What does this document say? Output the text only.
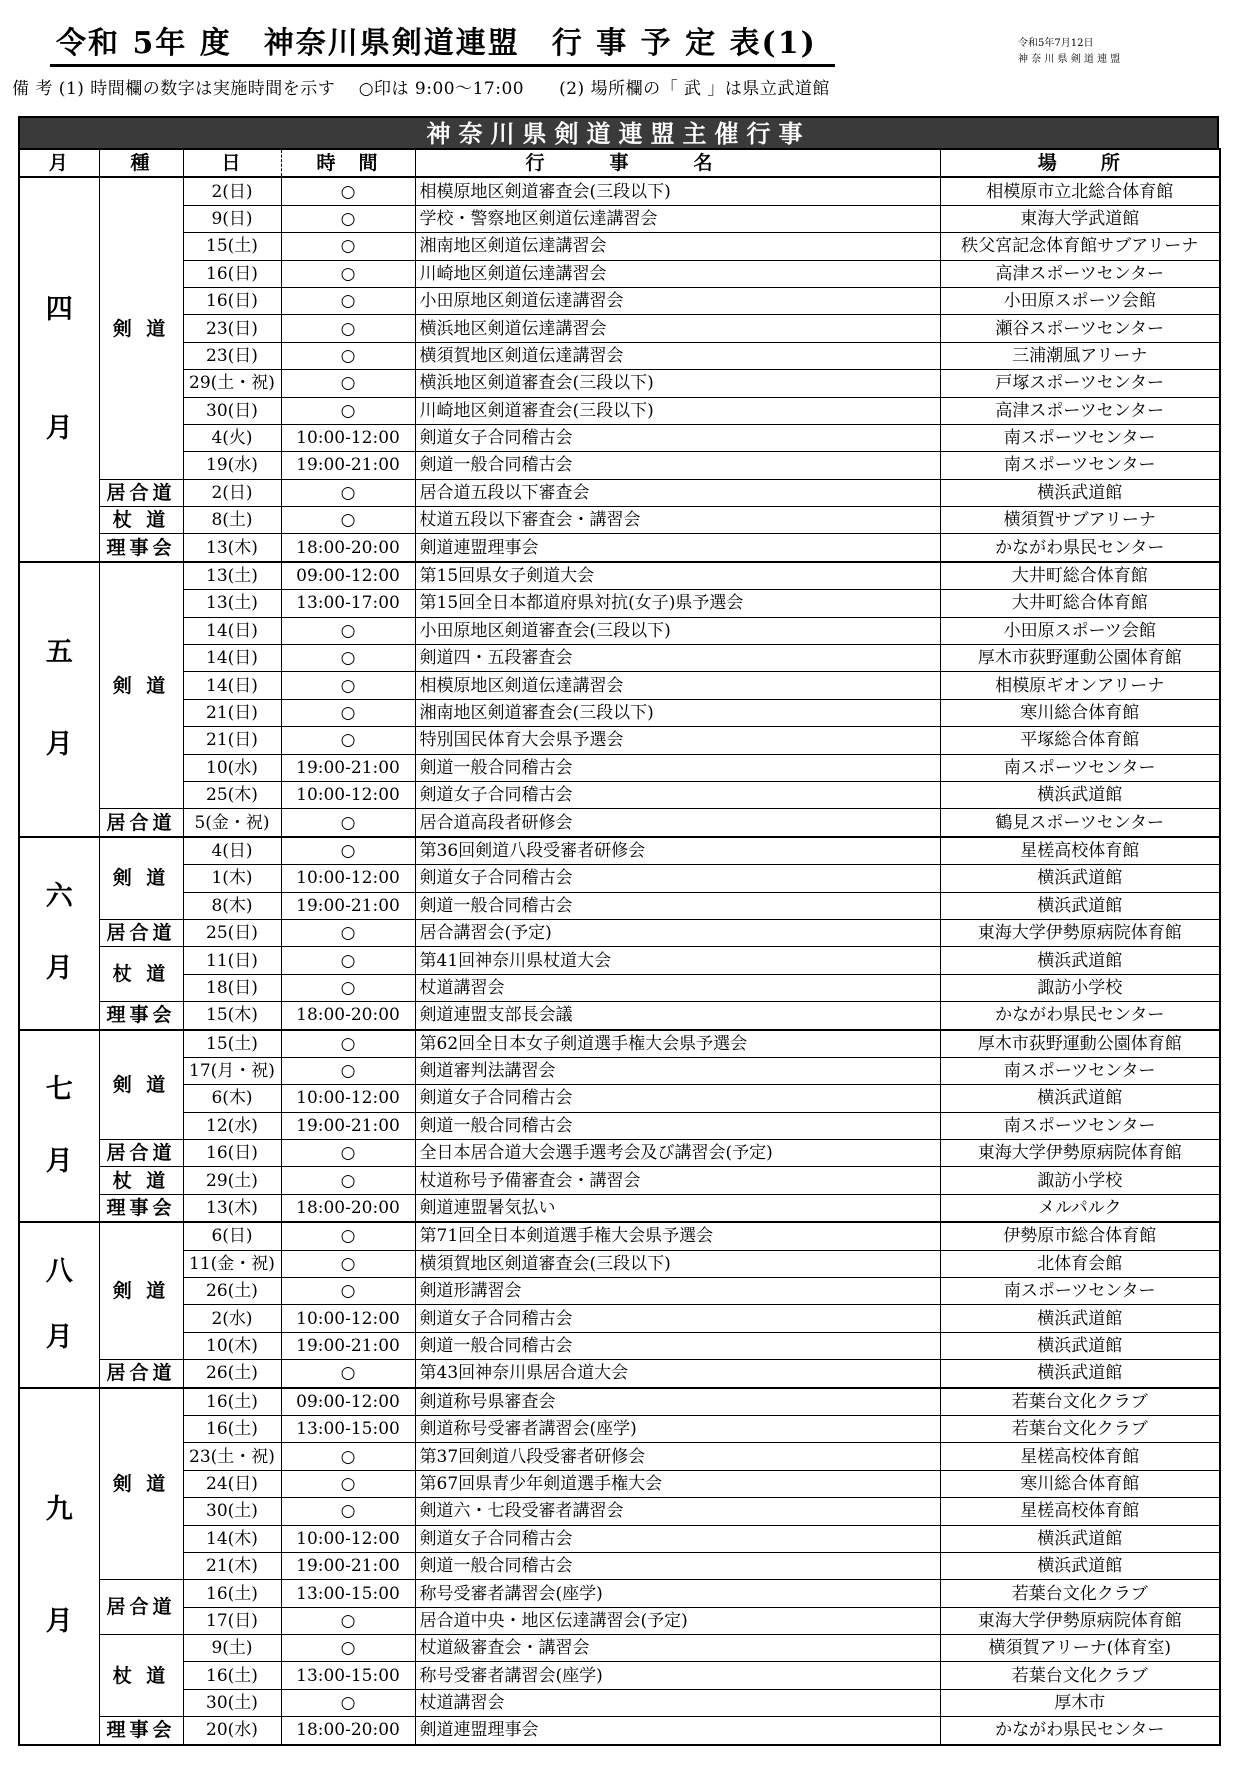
令和 5年 度　神奈川県剣道連盟　行 事 予 定 表(1)	令和5年7月12日
神 奈 川 県 剣 道 連 盟
備 考 (1) 時間欄の数字は実施時間を示す　 ○印は 9:00～17:00　　(2) 場所欄の「 武 」は県立武道館
神奈川県剣道連盟主催行事
月	種	日	時　間	行　　　事　　　名	場　　所

四
月	剣 道	2(日)	○	相模原地区剣道審査会(三段以下)	相模原市立北総合体育館
		9(日)	○	学校・警察地区剣道伝達講習会	東海大学武道館
		15(土)	○	湘南地区剣道伝達講習会	秩父宮記念体育館サブアリーナ
		16(日)	○	川崎地区剣道伝達講習会	高津スポーツセンター
		16(日)	○	小田原地区剣道伝達講習会	小田原スポーツ会館
		23(日)	○	横浜地区剣道伝達講習会	瀬谷スポーツセンター
		23(日)	○	横須賀地区剣道伝達講習会	三浦潮風アリーナ
		29(土・祝)	○	横浜地区剣道審査会(三段以下)	戸塚スポーツセンター
		30(日)	○	川崎地区剣道審査会(三段以下)	高津スポーツセンター
		4(火)	10:00-12:00	剣道女子合同稽古会	南スポーツセンター
		19(水)	19:00-21:00	剣道一般合同稽古会	南スポーツセンター
	居合道	2(日)	○	居合道五段以下審査会	横浜武道館
	杖 道	8(土)	○	杖道五段以下審査会・講習会	横須賀サブアリーナ
	理事会	13(木)	18:00-20:00	剣道連盟理事会	かながわ県民センター

五
月	剣 道	13(土)	09:00-12:00	第15回県女子剣道大会	大井町総合体育館
		13(土)	13:00-17:00	第15回全日本都道府県対抗(女子)県予選会	大井町総合体育館
		14(日)	○	小田原地区剣道審査会(三段以下)	小田原スポーツ会館
		14(日)	○	剣道四・五段審査会	厚木市荻野運動公園体育館
		14(日)	○	相模原地区剣道伝達講習会	相模原ギオンアリーナ
		21(日)	○	湘南地区剣道審査会(三段以下)	寒川総合体育館
		21(日)	○	特別国民体育大会県予選会	平塚総合体育館
		10(水)	19:00-21:00	剣道一般合同稽古会	南スポーツセンター
		25(木)	10:00-12:00	剣道女子合同稽古会	横浜武道館
	居合道	5(金・祝)	○	居合道高段者研修会	鶴見スポーツセンター

六
月	剣 道	4(日)	○	第36回剣道八段受審者研修会	星槎高校体育館
		1(木)	10:00-12:00	剣道女子合同稽古会	横浜武道館
		8(木)	19:00-21:00	剣道一般合同稽古会	横浜武道館
	居合道	25(日)	○	居合講習会(予定)	東海大学伊勢原病院体育館
	杖 道	11(日)	○	第41回神奈川県杖道大会	横浜武道館
		18(日)	○	杖道講習会	諏訪小学校
	理事会	15(木)	18:00-20:00	剣道連盟支部長会議	かながわ県民センター

七
月	剣 道	15(土)	○	第62回全日本女子剣道選手権大会県予選会	厚木市荻野運動公園体育館
		17(月・祝)	○	剣道審判法講習会	南スポーツセンター
		6(木)	10:00-12:00	剣道女子合同稽古会	横浜武道館
		12(水)	19:00-21:00	剣道一般合同稽古会	南スポーツセンター
	居合道	16(日)	○	全日本居合道大会選手選考会及び講習会(予定)	東海大学伊勢原病院体育館
	杖 道	29(土)	○	杖道称号予備審査会・講習会	諏訪小学校
	理事会	13(木)	18:00-20:00	剣道連盟暑気払い	メルパルク

八
月	剣 道	6(日)	○	第71回全日本剣道選手権大会県予選会	伊勢原市総合体育館
		11(金・祝)	○	横須賀地区剣道審査会(三段以下)	北体育会館
		26(土)	○	剣道形講習会	南スポーツセンター
		2(水)	10:00-12:00	剣道女子合同稽古会	横浜武道館
		10(木)	19:00-21:00	剣道一般合同稽古会	横浜武道館
	居合道	26(土)	○	第43回神奈川県居合道大会	横浜武道館

九
月	剣 道	16(土)	09:00-12:00	剣道称号県審査会	若葉台文化クラブ
		16(土)	13:00-15:00	剣道称号受審者講習会(座学)	若葉台文化クラブ
		23(土・祝)	○	第37回剣道八段受審者研修会	星槎高校体育館
		24(日)	○	第67回県青少年剣道選手権大会	寒川総合体育館
		30(土)	○	剣道六・七段受審者講習会	星槎高校体育館
		14(木)	10:00-12:00	剣道女子合同稽古会	横浜武道館
		21(木)	19:00-21:00	剣道一般合同稽古会	横浜武道館
	居合道	16(土)	13:00-15:00	称号受審者講習会(座学)	若葉台文化クラブ
		17(日)	○	居合道中央・地区伝達講習会(予定)	東海大学伊勢原病院体育館
	杖 道	9(土)	○	杖道級審査会・講習会	横須賀アリーナ(体育室)
		16(土)	13:00-15:00	称号受審者講習会(座学)	若葉台文化クラブ
		30(土)	○	杖道講習会	厚木市
	理事会	20(水)	18:00-20:00	剣道連盟理事会	かながわ県民センター
